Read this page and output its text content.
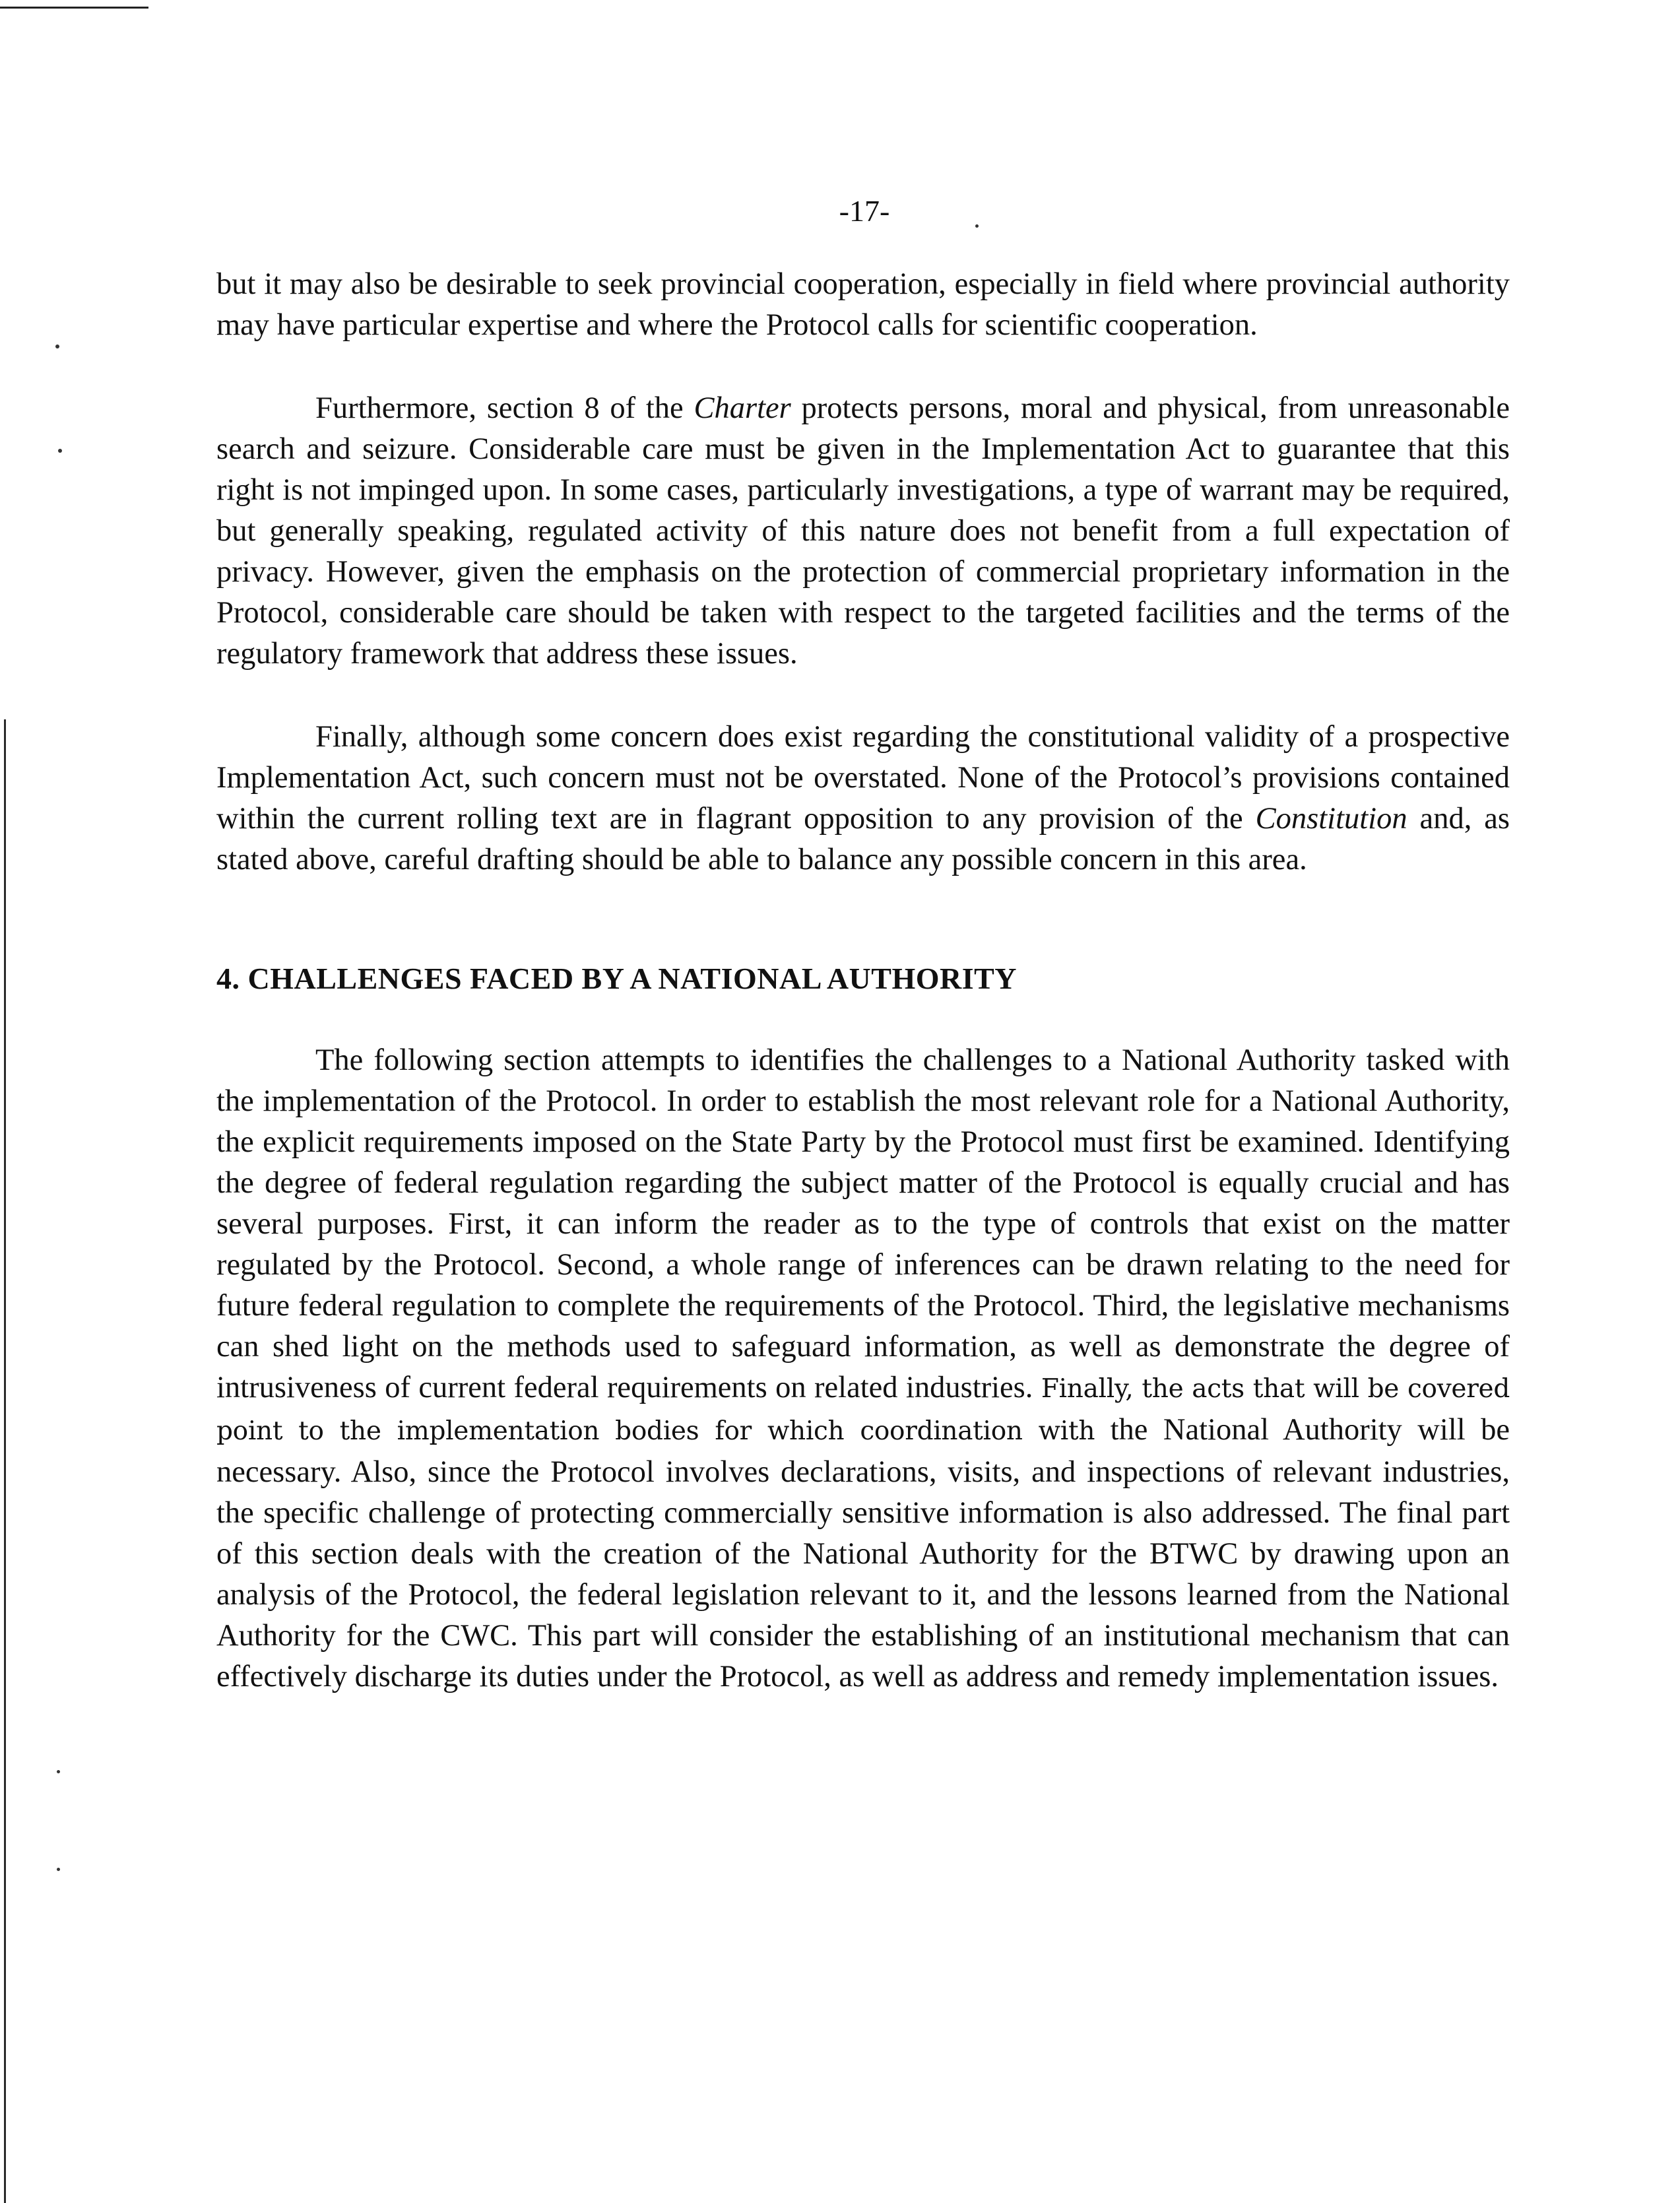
-17-

but it may also be desirable to seek provincial cooperation, especially in field where provincial authority may have particular expertise and where the Protocol calls for scientific cooperation.

Furthermore, section 8 of the Charter protects persons, moral and physical, from unreasonable search and seizure. Considerable care must be given in the Implementation Act to guarantee that this right is not impinged upon. In some cases, particularly investigations, a type of warrant may be required, but generally speaking, regulated activity of this nature does not benefit from a full expectation of privacy. However, given the emphasis on the protection of commercial proprietary information in the Protocol, considerable care should be taken with respect to the targeted facilities and the terms of the regulatory framework that address these issues.

Finally, although some concern does exist regarding the constitutional validity of a prospective Implementation Act, such concern must not be overstated. None of the Protocol’s provisions contained within the current rolling text are in flagrant opposition to any provision of the Constitution and, as stated above, careful drafting should be able to balance any possible concern in this area.

4. CHALLENGES FACED BY A NATIONAL AUTHORITY

The following section attempts to identifies the challenges to a National Authority tasked with the implementation of the Protocol. In order to establish the most relevant role for a National Authority, the explicit requirements imposed on the State Party by the Protocol must first be examined. Identifying the degree of federal regulation regarding the subject matter of the Protocol is equally crucial and has several purposes. First, it can inform the reader as to the type of controls that exist on the matter regulated by the Protocol. Second, a whole range of inferences can be drawn relating to the need for future federal regulation to complete the requirements of the Protocol. Third, the legislative mechanisms can shed light on the methods used to safeguard information, as well as demonstrate the degree of intrusiveness of current federal requirements on related industries. Finally, the acts that will be covered point to the implementation bodies for which coordination with the National Authority will be necessary. Also, since the Protocol involves declarations, visits, and inspections of relevant industries, the specific challenge of protecting commercially sensitive information is also addressed. The final part of this section deals with the creation of the National Authority for the BTWC by drawing upon an analysis of the Protocol, the federal legislation relevant to it, and the lessons learned from the National Authority for the CWC. This part will consider the establishing of an institutional mechanism that can effectively discharge its duties under the Protocol, as well as address and remedy implementation issues.
